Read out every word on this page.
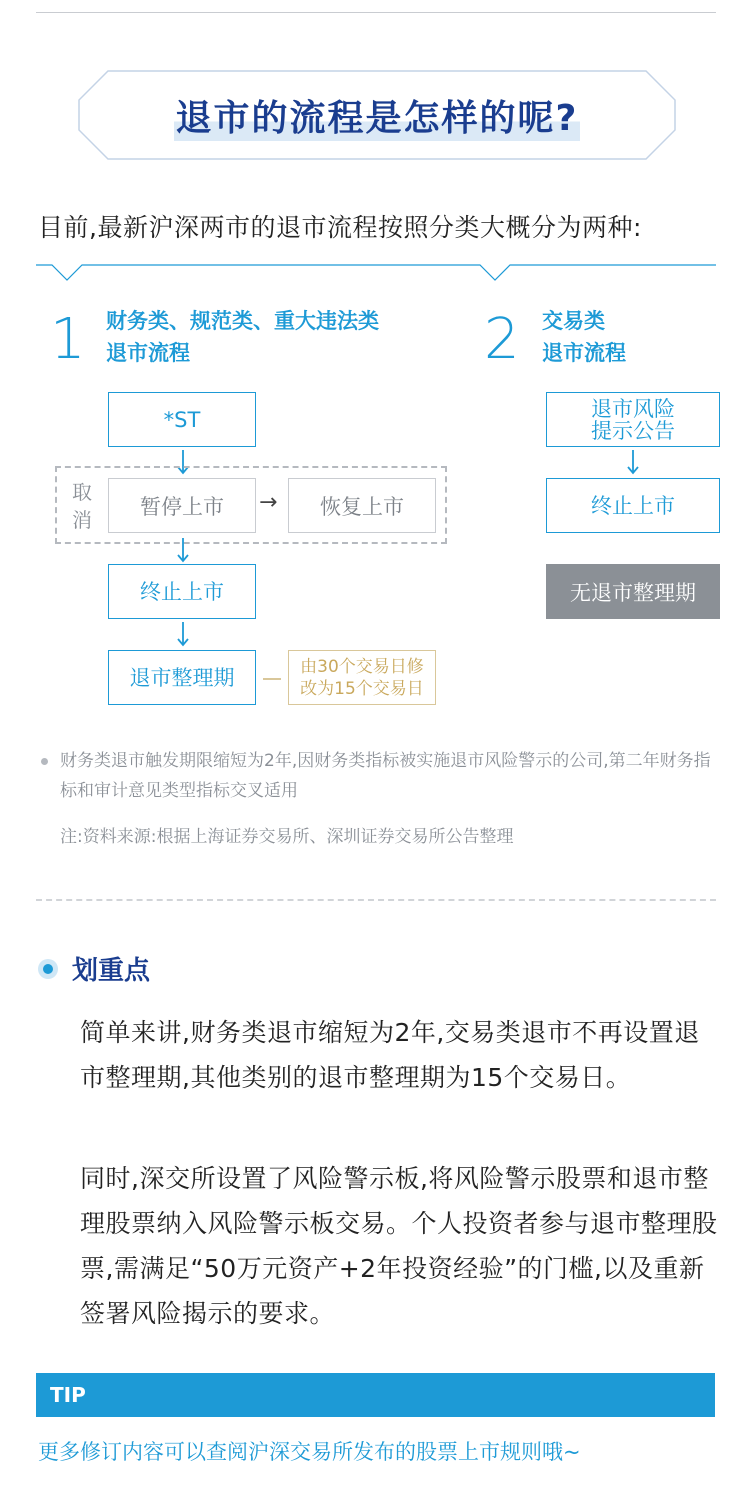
退市的流程是怎样的呢?
目前,最新沪深两市的退市流程按照分类大概分为两种:
1 财务类、规范类、重大违法类
退市流程
*ST
取
消
暂停上市	→	恢复上市
终止上市
退市整理期	由30个交易日修
改为15个交易日
2 交易类
退市流程
退市风险
提示公告
终止上市
无退市整理期

财务类退市触发期限缩短为2年,因财务类指标被实施退市风险警示的公司,第二年财务指标和审计意见类型指标交叉适用

注:资料来源:根据上海证券交易所、深圳证券交易所公告整理
划重点
简单来讲,财务类退市缩短为2年,交易类退市不再设置退市整理期,其他类别的退市整理期为15个交易日。
同时,深交所设置了风险警示板,将风险警示股票和退市整理股票纳入风险警示板交易。个人投资者参与退市整理股票,需满足“50万元资产+2年投资经验”的门槛,以及重新签署风险揭示的要求。
TIP
更多修订内容可以查阅沪深交易所发布的股票上市规则哦~
